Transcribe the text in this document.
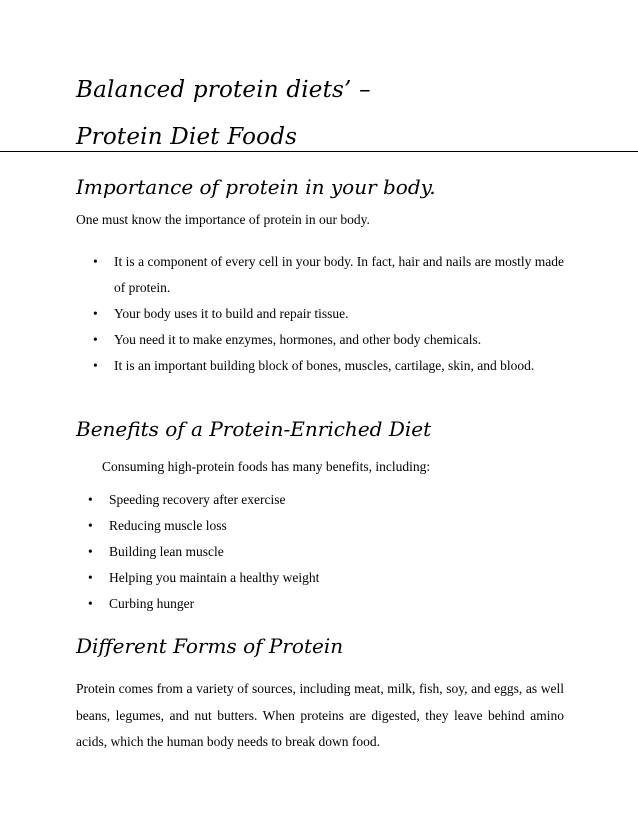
Balanced protein diets’ –
Protein Diet Foods
Importance of protein in your body.

One must know the importance of protein in our body.

• It is a component of every cell in your body. In fact, hair and nails are mostly made of protein.
• Your body uses it to build and repair tissue.
• You need it to make enzymes, hormones, and other body chemicals.
• It is an important building block of bones, muscles, cartilage, skin, and blood.
Benefits of a Protein-Enriched Diet

Consuming high-protein foods has many benefits, including:

• Speeding recovery after exercise
• Reducing muscle loss
• Building lean muscle
• Helping you maintain a healthy weight
• Curbing hunger
Different Forms of Protein

Protein comes from a variety of sources, including meat, milk, fish, soy, and eggs, as well beans, legumes, and nut butters. When proteins are digested, they leave behind amino acids, which the human body needs to break down food.
